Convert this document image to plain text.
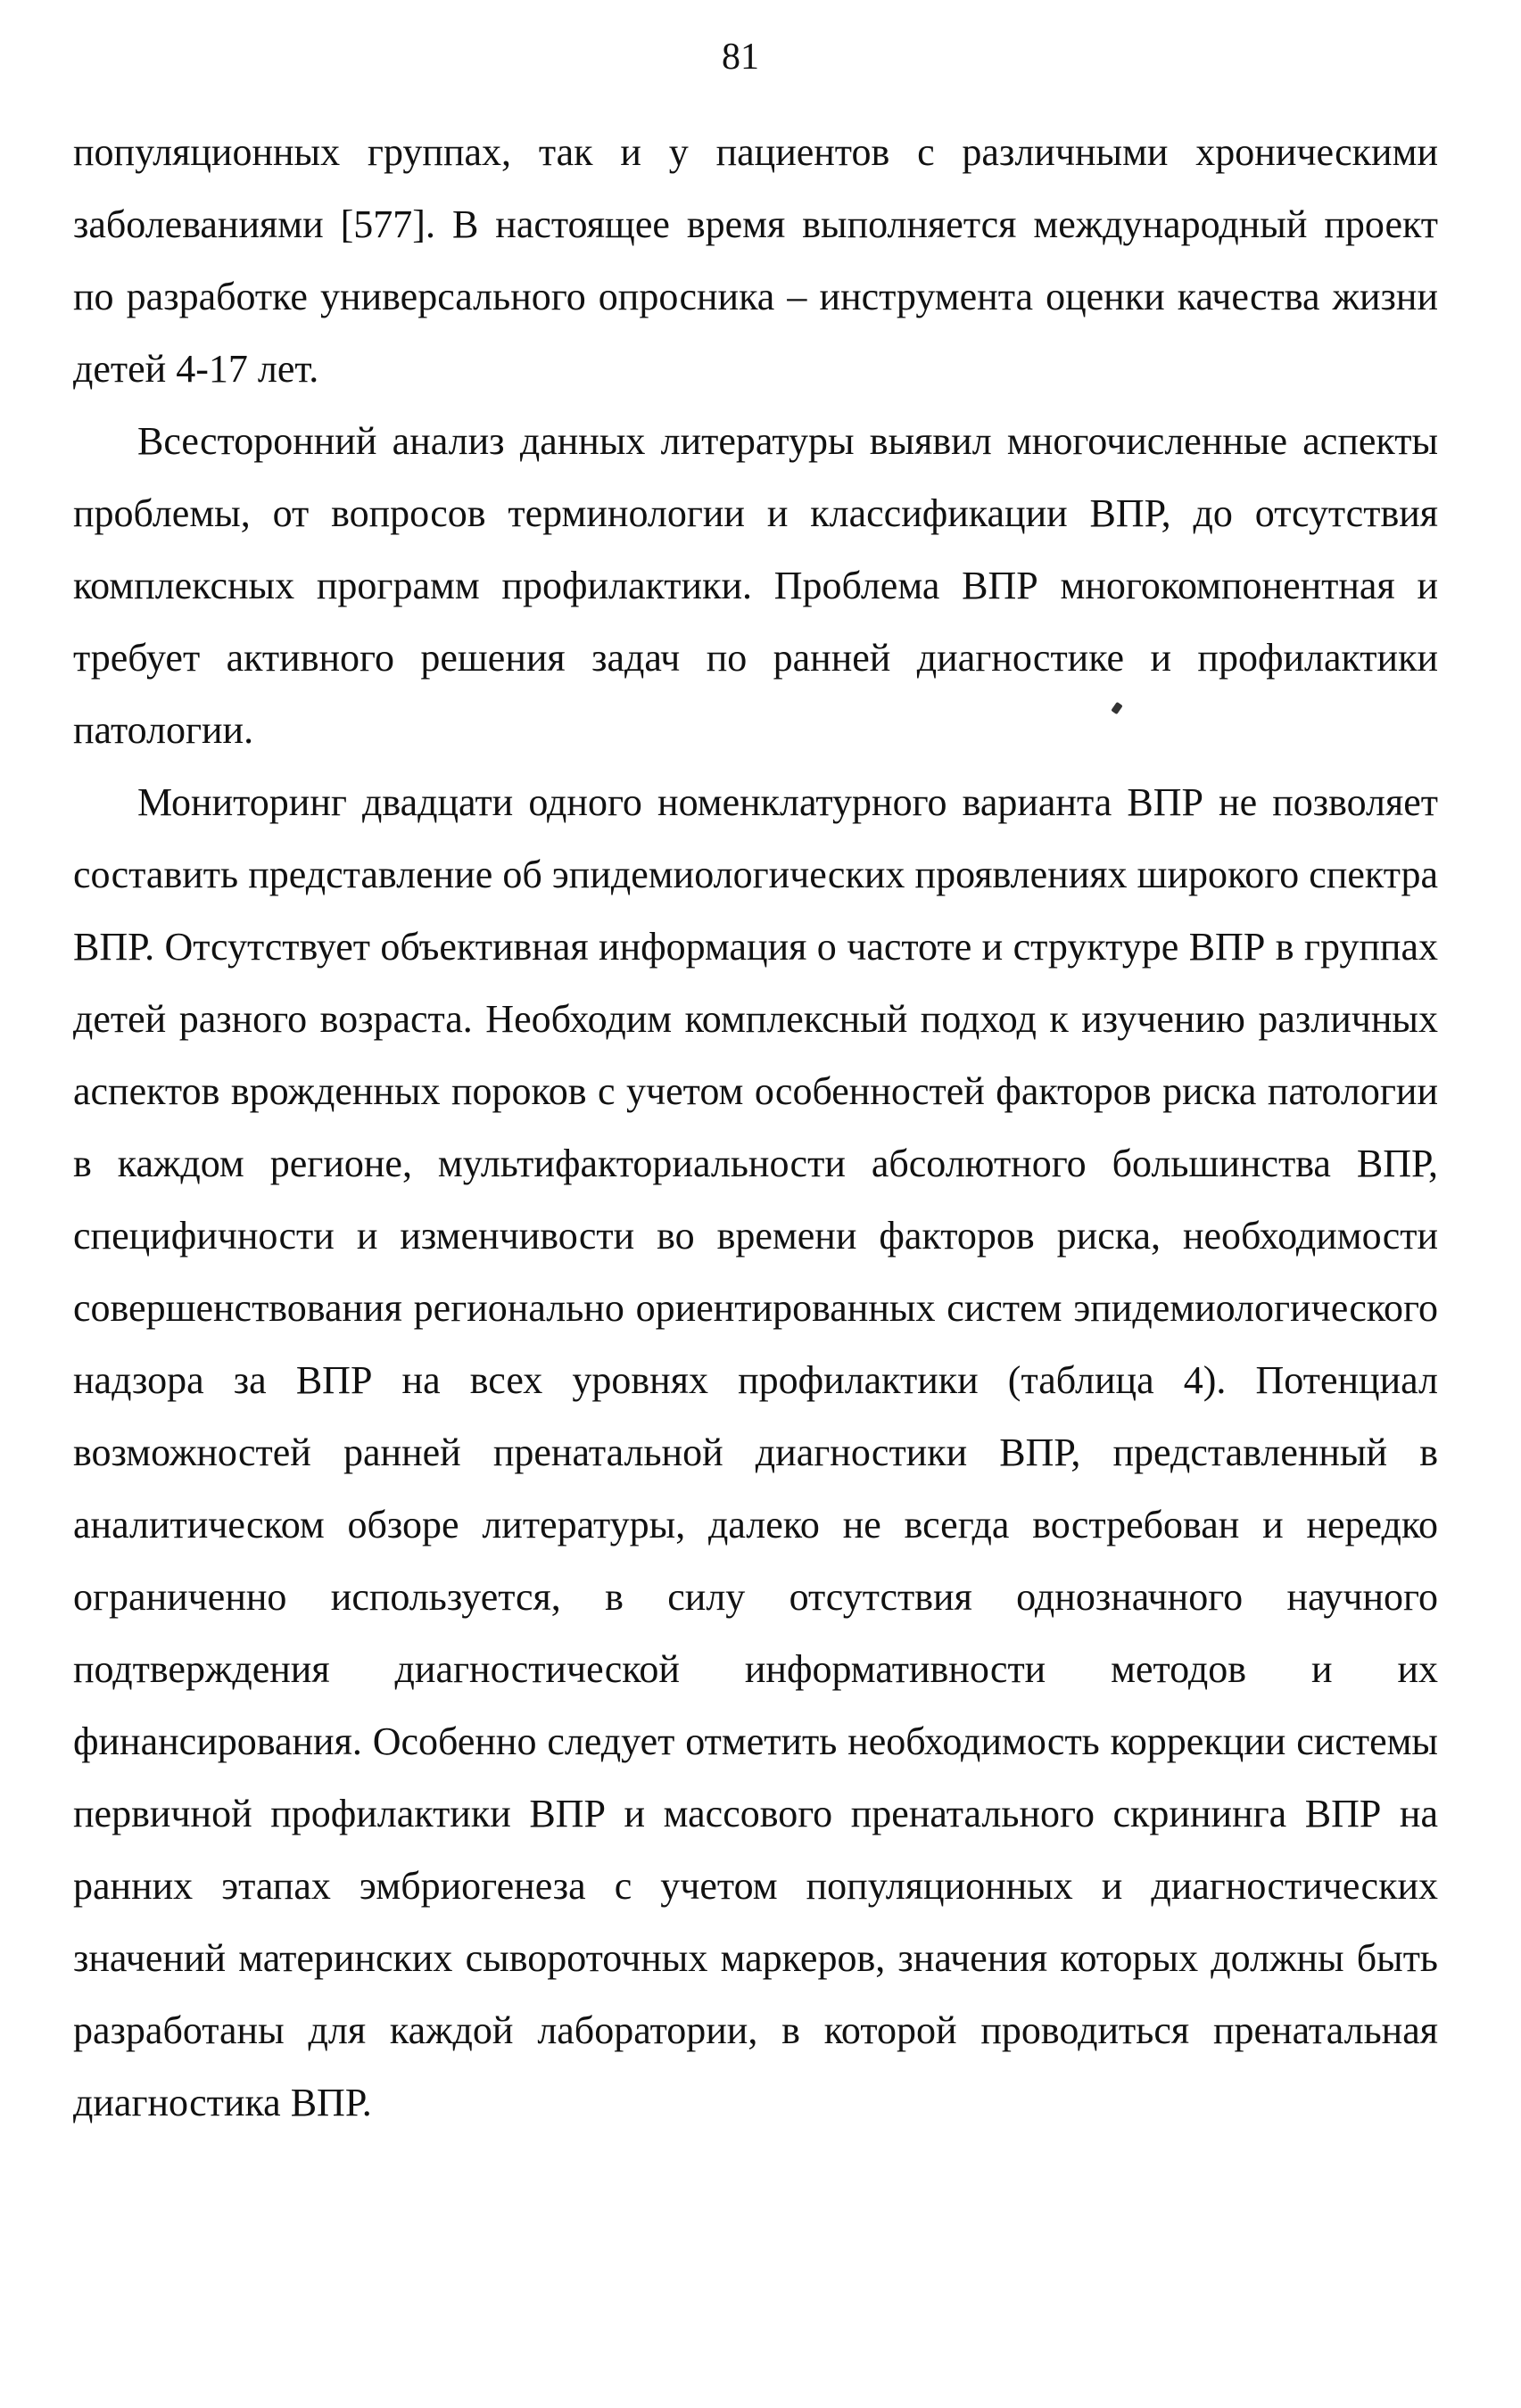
81

популяционных группах, так и у пациентов с различными хроническими заболеваниями [577]. В настоящее время выполняется международный проект по разработке универсального опросника – инструмента оценки качества жизни детей 4-17 лет.

Всесторонний анализ данных литературы выявил многочисленные аспекты проблемы, от вопросов терминологии и классификации ВПР, до отсутствия комплексных программ профилактики. Проблема ВПР многокомпонентная и требует активного решения задач по ранней диагностике и профилактики патологии.

Мониторинг двадцати одного номенклатурного варианта ВПР не позволяет составить представление об эпидемиологических проявлениях широкого спектра ВПР. Отсутствует объективная информация о частоте и структуре ВПР в группах детей разного возраста. Необходим комплексный подход к изучению различных аспектов врожденных пороков с учетом особенностей факторов риска патологии в каждом регионе, мультифакториальности абсолютного большинства ВПР, специфичности и изменчивости во времени факторов риска, необходимости совершенствования регионально ориентированных систем эпидемиологического надзора за ВПР на всех уровнях профилактики (таблица 4). Потенциал возможностей ранней пренатальной диагностики ВПР, представленный в аналитическом обзоре литературы, далеко не всегда востребован и нередко ограниченно используется, в силу отсутствия однозначного научного подтверждения диагностической информативности методов и их финансирования. Особенно следует отметить необходимость коррекции системы первичной профилактики ВПР и массового пренатального скрининга ВПР на ранних этапах эмбриогенеза с учетом популяционных и диагностических значений материнских сывороточных маркеров, значения которых должны быть разработаны для каждой лаборатории, в которой проводиться пренатальная диагностика ВПР.
